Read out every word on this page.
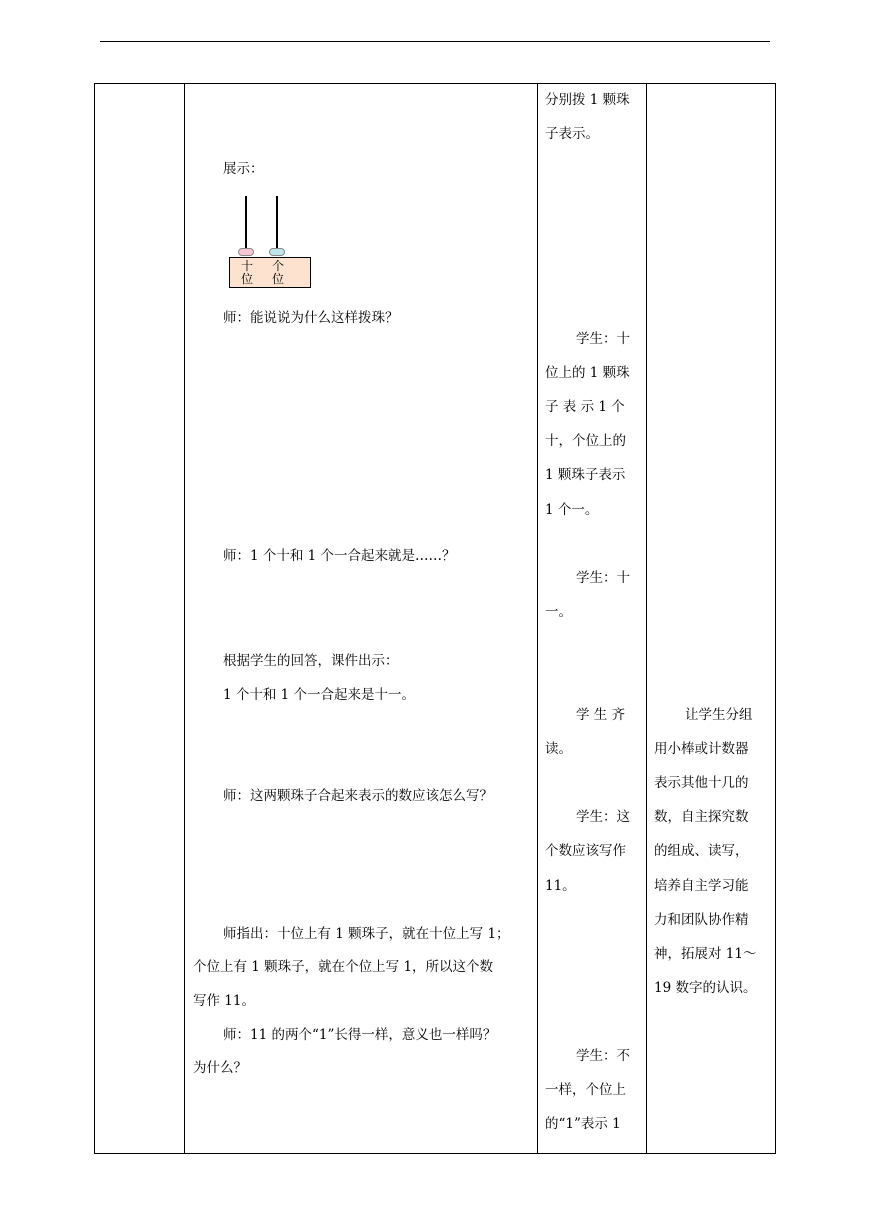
展示：
十
位
个
位
师：能说说为什么这样拨珠？
师：1 个十和 1 个一合起来就是……？
根据学生的回答，课件出示：
1 个十和 1 个一合起来是十一。
师：这两颗珠子合起来表示的数应该怎么写？
师指出：十位上有 1 颗珠子，就在十位上写 1；
个位上有 1 颗珠子，就在个位上写 1，所以这个数
写作 11。
师：11 的两个“1”长得一样，意义也一样吗？
为什么？
分别拨 1 颗珠
子表示。
学生：十
位上的 1 颗珠
子 表 示 1 个
十，个位上的
1 颗珠子表示
1 个一。
学生：十
一。
学 生 齐
读。
学生：这
个数应该写作
11。
学生：不
一样，个位上
的“1”表示 1
让学生分组
用小棒或计数器
表示其他十几的
数，自主探究数
的组成、读写，
培养自主学习能
力和团队协作精
神，拓展对 11～
19 数字的认识。
